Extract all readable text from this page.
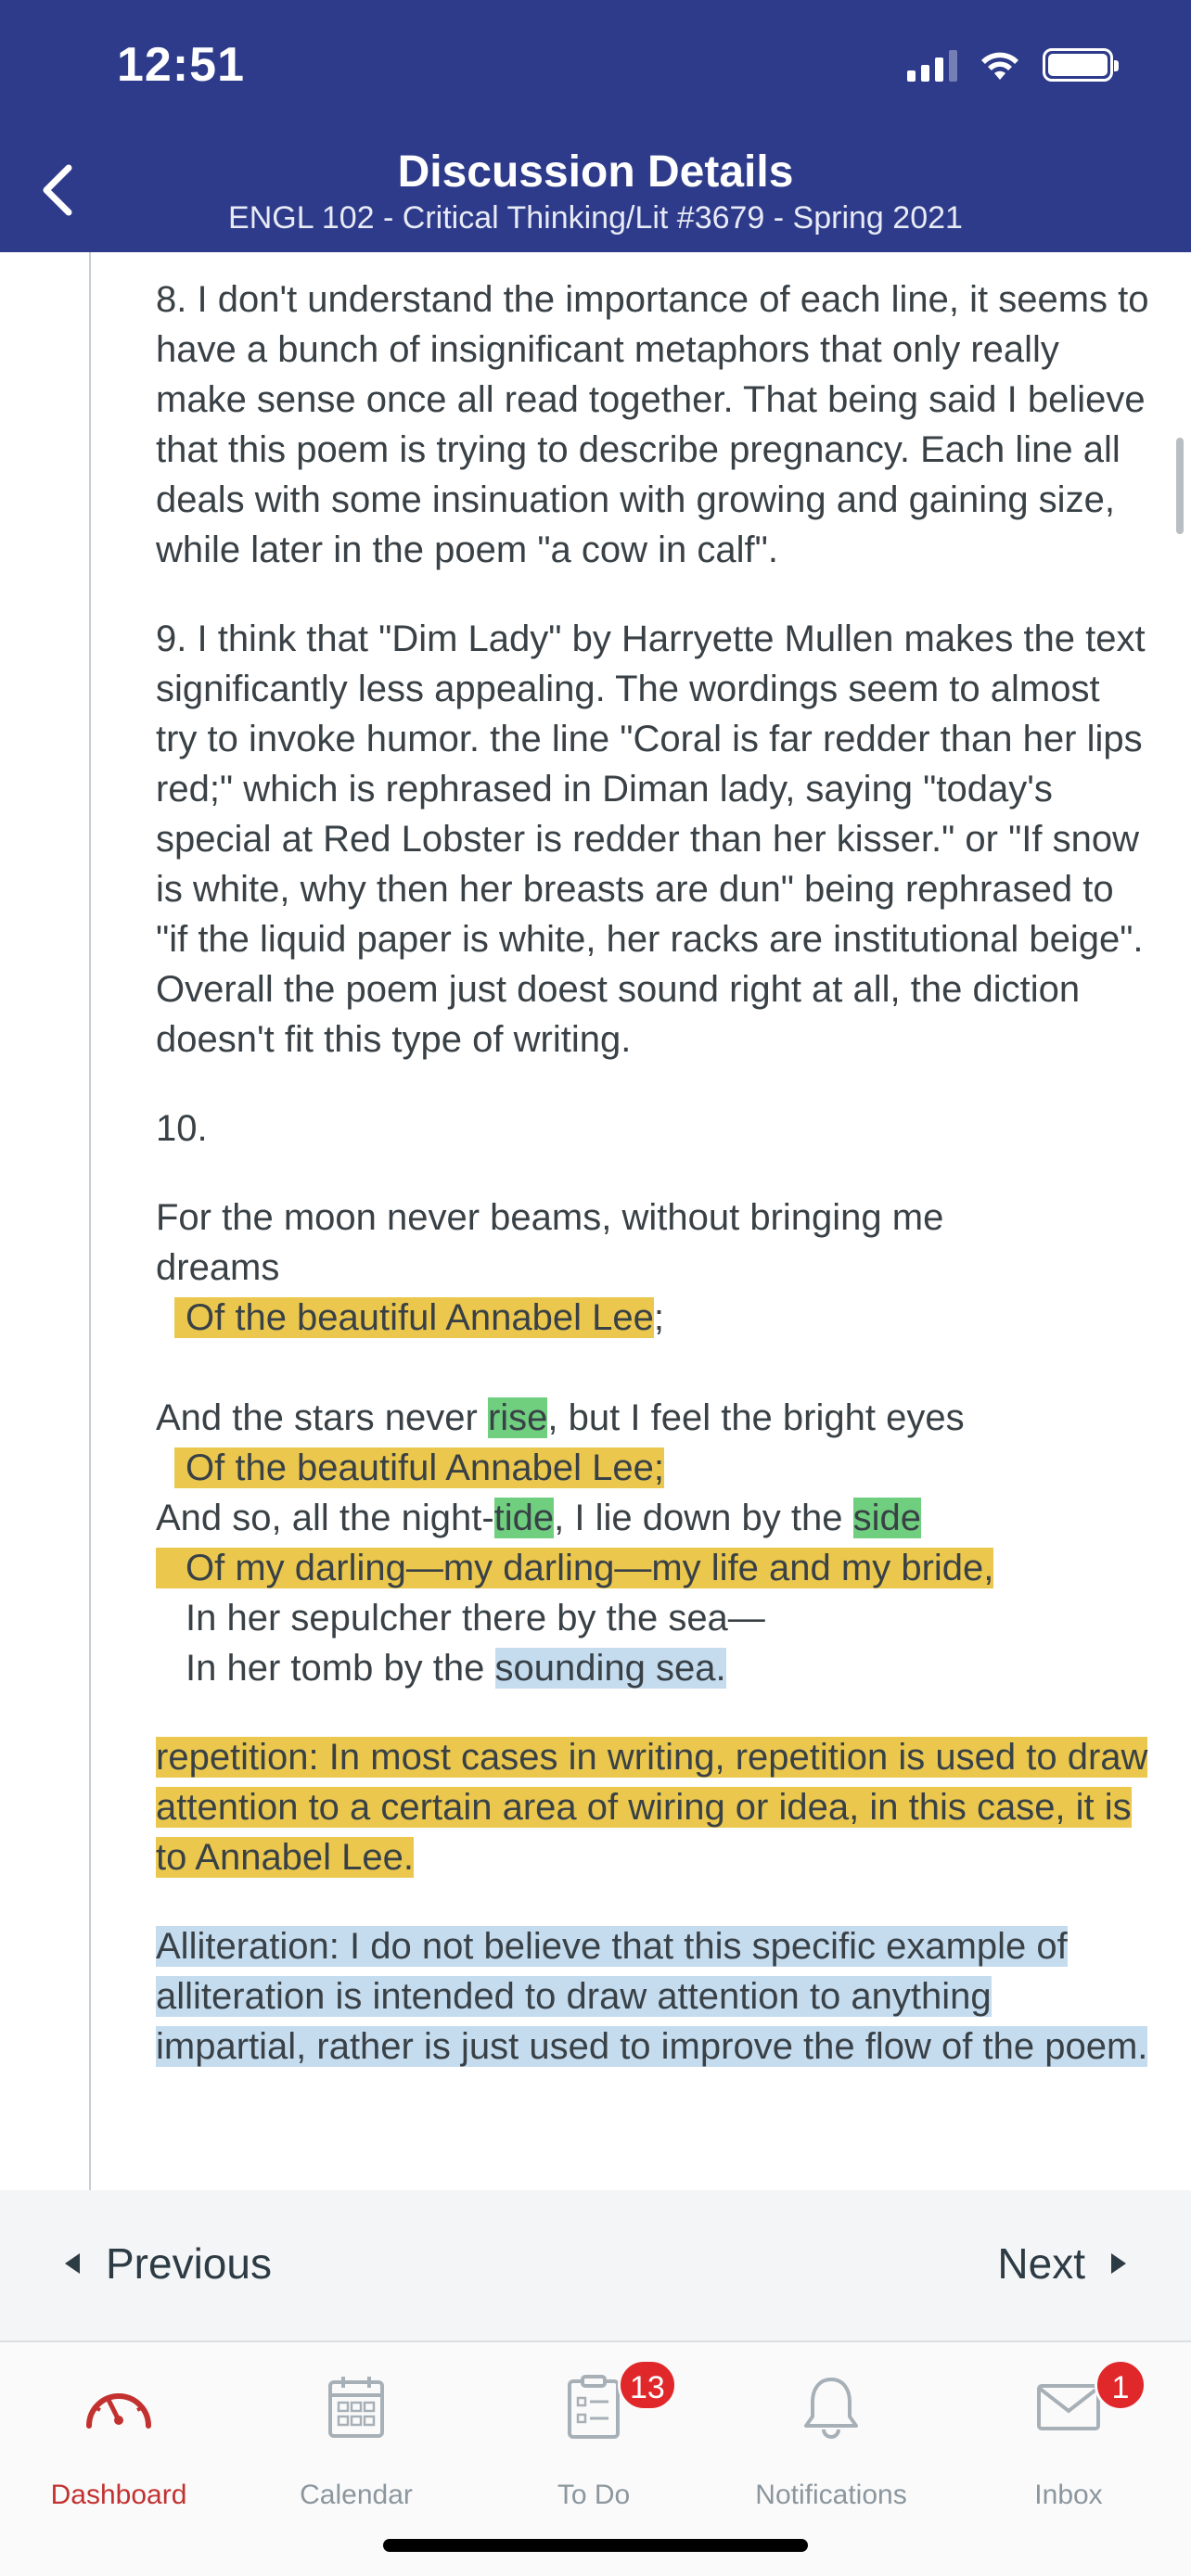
12:51
Discussion Details
ENGL 102 - Critical Thinking/Lit #3679 - Spring 2021

8. I don't understand the importance of each line, it seems to have a bunch of insignificant metaphors that only really make sense once all read together. That being said I believe that this poem is trying to describe pregnancy. Each line all deals with some insinuation with growing and gaining size, while later in the poem "a cow in calf".

9. I think that "Dim Lady" by Harryette Mullen makes the text significantly less appealing. The wordings seem to almost try to invoke humor. the line "Coral is far redder than her lips red;" which is rephrased in Diman lady, saying "today's special at Red Lobster is redder than her kisser." or "If snow is white, why then her breasts are dun" being rephrased to "if the liquid paper is white, her racks are institutional beige". Overall the poem just doest sound right at all, the diction doesn't fit this type of writing.

10.

For the moon never beams, without bringing me
dreams
Of the beautiful Annabel Lee;
And the stars never rise, but I feel the bright eyes
Of the beautiful Annabel Lee;
And so, all the night-tide, I lie down by the side
Of my darling—my darling—my life and my bride,
In her sepulcher there by the sea—
In her tomb by the sounding sea.

repetition: In most cases in writing, repetition is used to draw attention to a certain area of wiring or idea, in this case, it is to Annabel Lee.

Alliteration: I do not believe that this specific example of alliteration is intended to draw attention to anything impartial, rather is just used to improve the flow of the poem.

Previous	Next
Dashboard	Calendar
13
To Do	Notifications
1
Inbox
